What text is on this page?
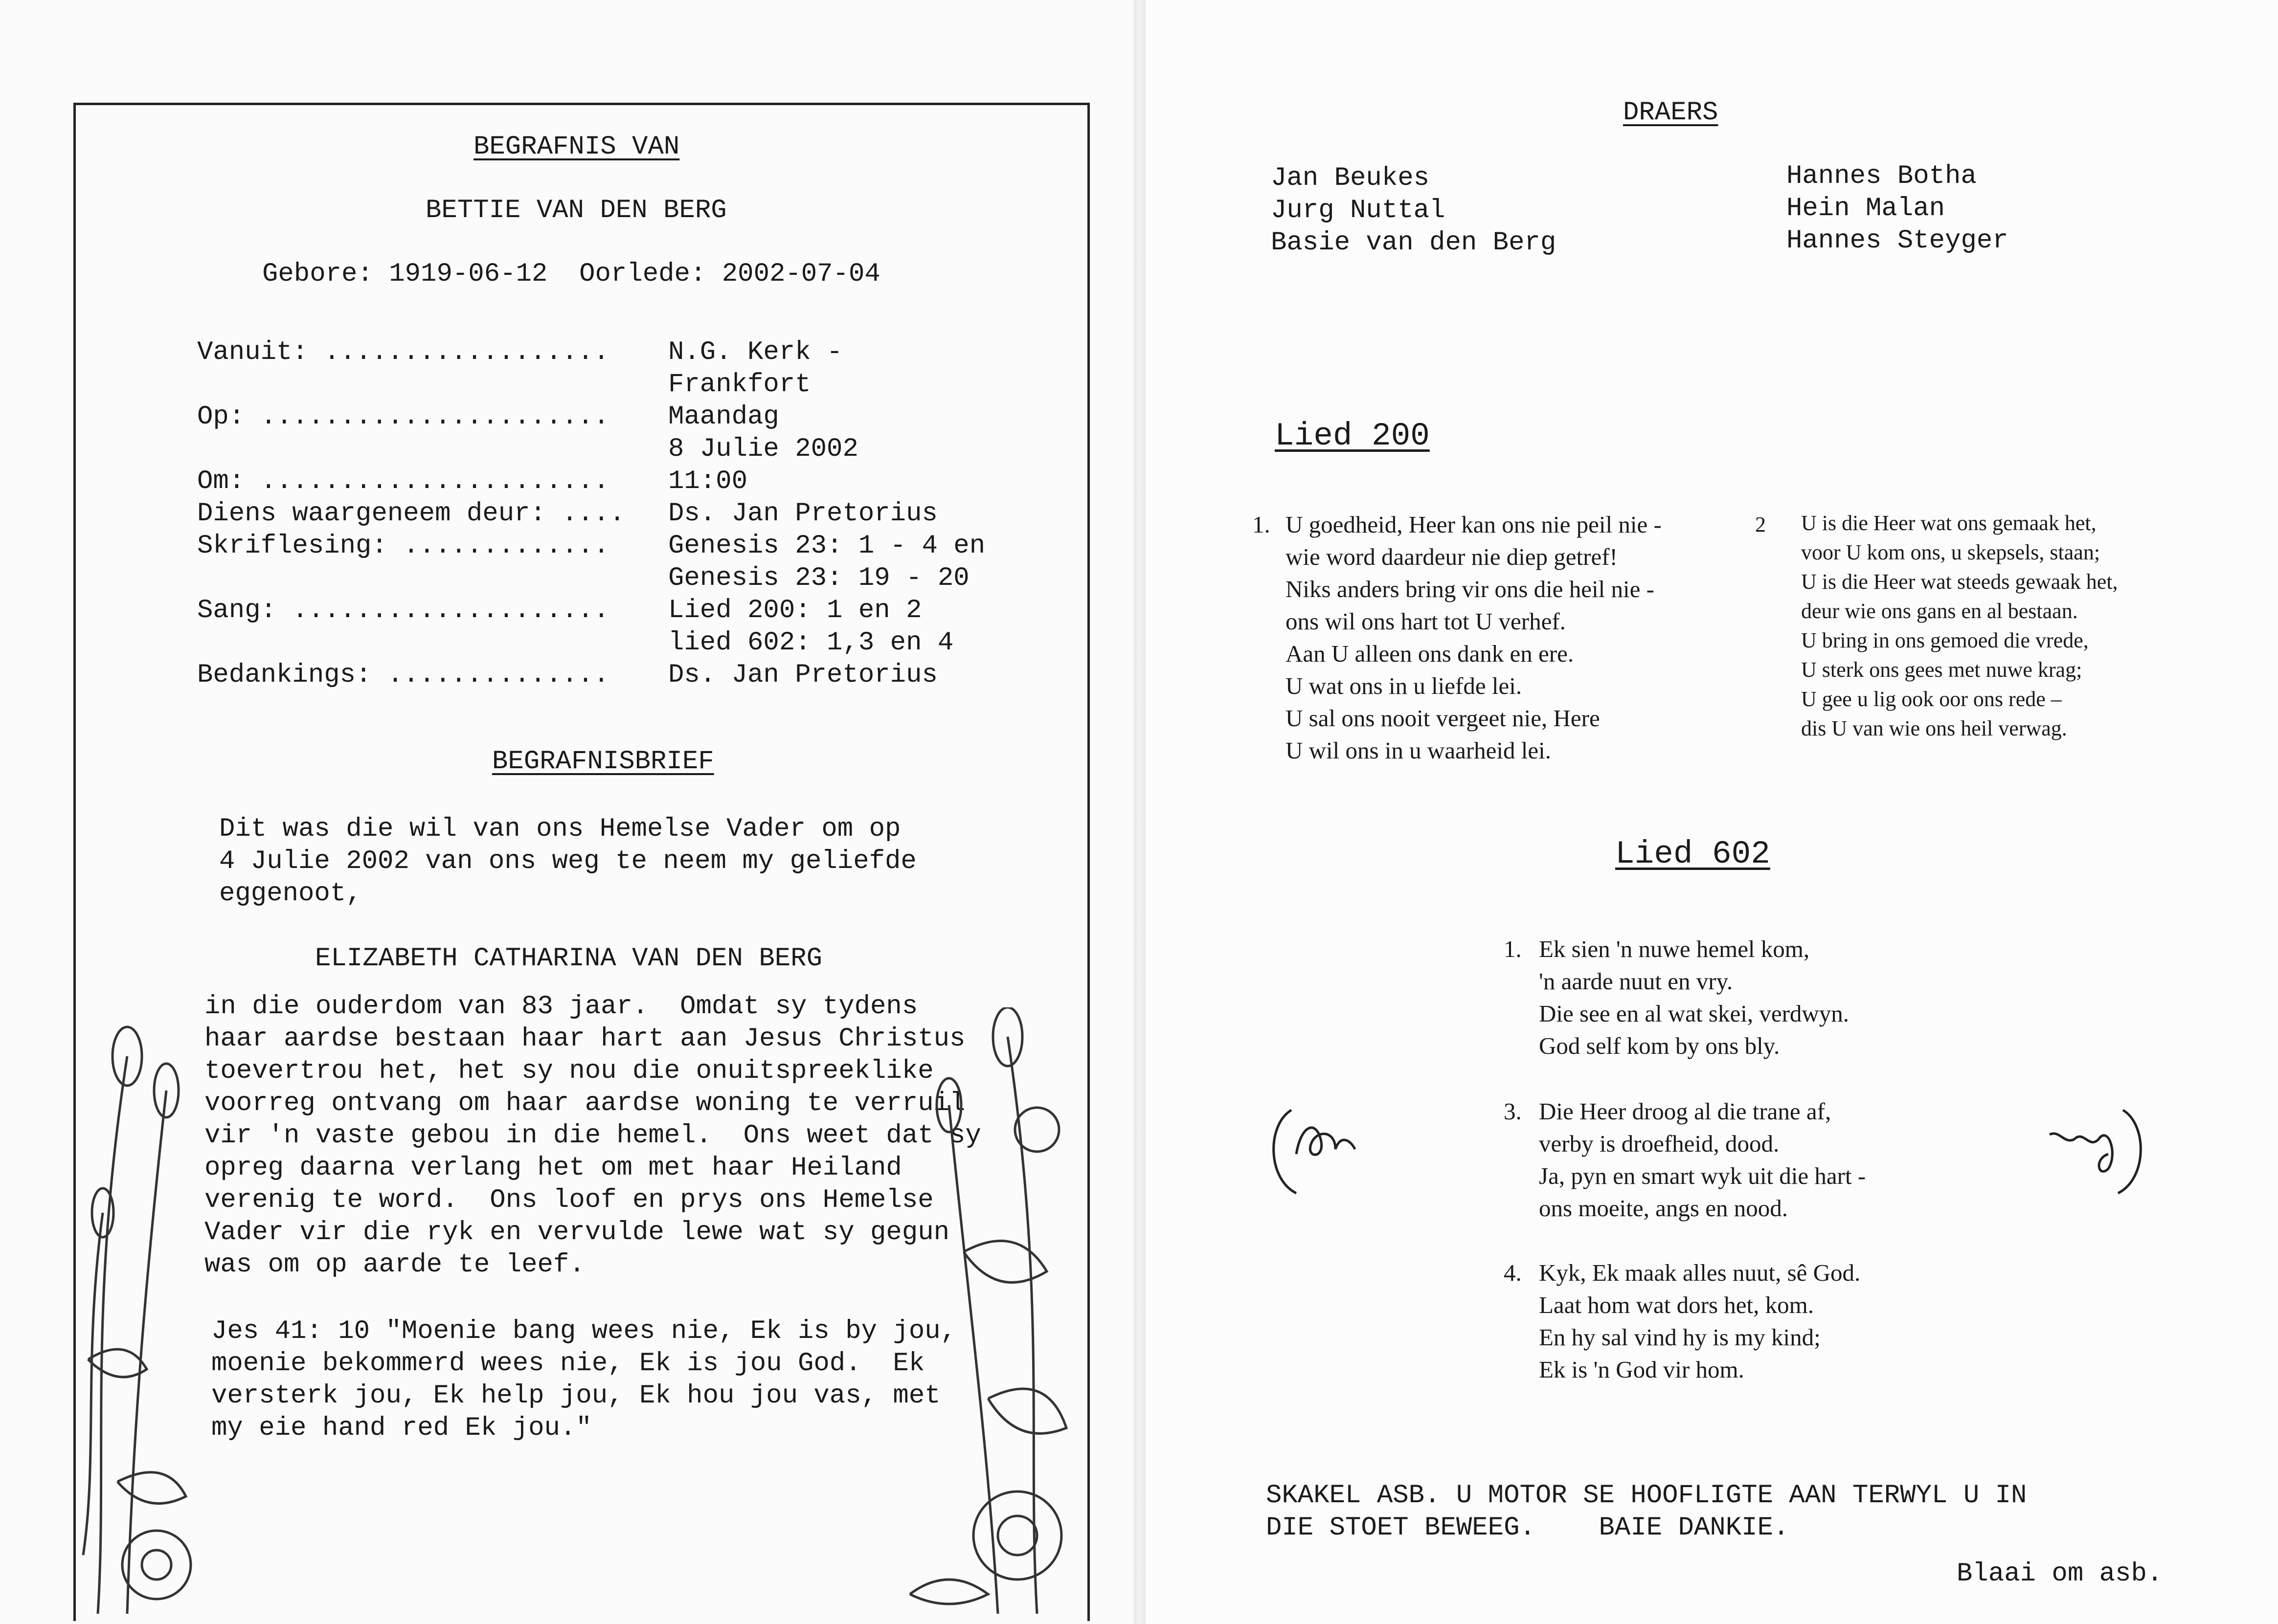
BEGRAFNIS VAN
BETTIE VAN DEN BERG
Gebore: 1919-06-12  Oorlede: 2002-07-04
Vanuit: .................. N.G. Kerk -
Frankfort
Op: ...................... Maandag
8 Julie 2002
Om: ...................... 11:00
Diens waargeneem deur: .... Ds. Jan Pretorius
Skriflesing: ............. Genesis 23: 1 - 4 en
Genesis 23: 19 - 20
Sang: .................... Lied 200: 1 en 2
lied 602: 1,3 en 4
Bedankings: .............. Ds. Jan Pretorius
BEGRAFNISBRIEF
Dit was die wil van ons Hemelse Vader om op
4 Julie 2002 van ons weg te neem my geliefde
eggenoot,
ELIZABETH CATHARINA VAN DEN BERG
in die ouderdom van 83 jaar.  Omdat sy tydens
haar aardse bestaan haar hart aan Jesus Christus
toevertrou het, het sy nou die onuitspreeklike
voorreg ontvang om haar aardse woning te verruil
vir 'n vaste gebou in die hemel.  Ons weet dat sy
opreg daarna verlang het om met haar Heiland
verenig te word.  Ons loof en prys ons Hemelse
Vader vir die ryk en vervulde lewe wat sy gegun
was om op aarde te leef.
Jes 41: 10 "Moenie bang wees nie, Ek is by jou,
moenie bekommerd wees nie, Ek is jou God.  Ek
versterk jou, Ek help jou, Ek hou jou vas, met
my eie hand red Ek jou."
DRAERS
Jan Beukes
Jurg Nuttal
Basie van den Berg
Hannes Botha
Hein Malan
Hannes Steyger
Lied 200
1. U goedheid, Heer kan ons nie peil nie -
wie word daardeur nie diep getref!
Niks anders bring vir ons die heil nie -
ons wil ons hart tot U verhef.
Aan U alleen ons dank en ere.
U wat ons in u liefde lei.
U sal ons nooit vergeet nie, Here
U wil ons in u waarheid lei.
2 U is die Heer wat ons gemaak het,
voor U kom ons, u skepsels, staan;
U is die Heer wat steeds gewaak het,
deur wie ons gans en al bestaan.
U bring in ons gemoed die vrede,
U sterk ons gees met nuwe krag;
U gee u lig ook oor ons rede –
dis U van wie ons heil verwag.
Lied 602
1. Ek sien 'n nuwe hemel kom,
'n aarde nuut en vry.
Die see en al wat skei, verdwyn.
God self kom by ons bly.
3. Die Heer droog al die trane af,
verby is droefheid, dood.
Ja, pyn en smart wyk uit die hart -
ons moeite, angs en nood.
4. Kyk, Ek maak alles nuut, sê God.
Laat hom wat dors het, kom.
En hy sal vind hy is my kind;
Ek is 'n God vir hom.
SKAKEL ASB. U MOTOR SE HOOFLIGTE AAN TERWYL U IN
DIE STOET BEWEEG.    BAIE DANKIE.
Blaai om asb.
